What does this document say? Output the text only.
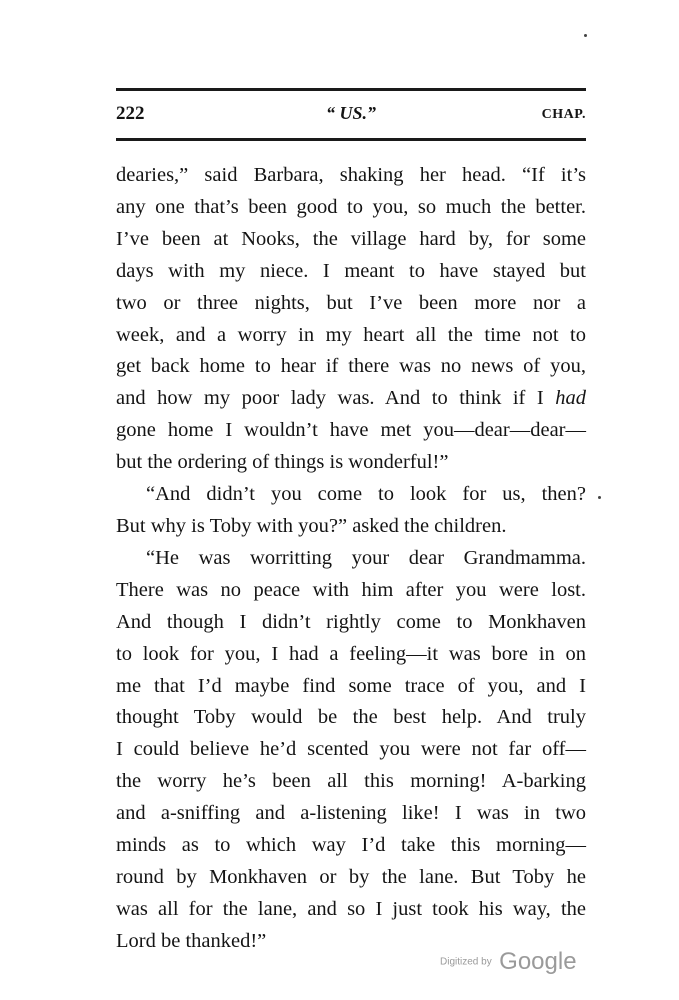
222	“ US.”	CHAP.
dearies,” said Barbara, shaking her head. “If it’s
any one that’s been good to you, so much the better.
I’ve been at Nooks, the village hard by, for some
days with my niece. I meant to have stayed but
two or three nights, but I’ve been more nor a
week, and a worry in my heart all the time not to
get back home to hear if there was no news of you,
and how my poor lady was. And to think if I had
gone home I wouldn’t have met you—dear—dear—
but the ordering of things is wonderful!”
“And didn’t you come to look for us, then?
But why is Toby with you?” asked the children.
“He was worritting your dear Grandmamma.
There was no peace with him after you were lost.
And though I didn’t rightly come to Monkhaven
to look for you, I had a feeling—it was bore in on
me that I’d maybe find some trace of you, and I
thought Toby would be the best help. And truly
I could believe he’d scented you were not far off—
the worry he’s been all this morning! A-barking
and a-sniffing and a-listening like! I was in two
minds as to which way I’d take this morning—
round by Monkhaven or by the lane. But Toby he
was all for the lane, and so I just took his way, the
Lord be thanked!”
Digitized by Google
